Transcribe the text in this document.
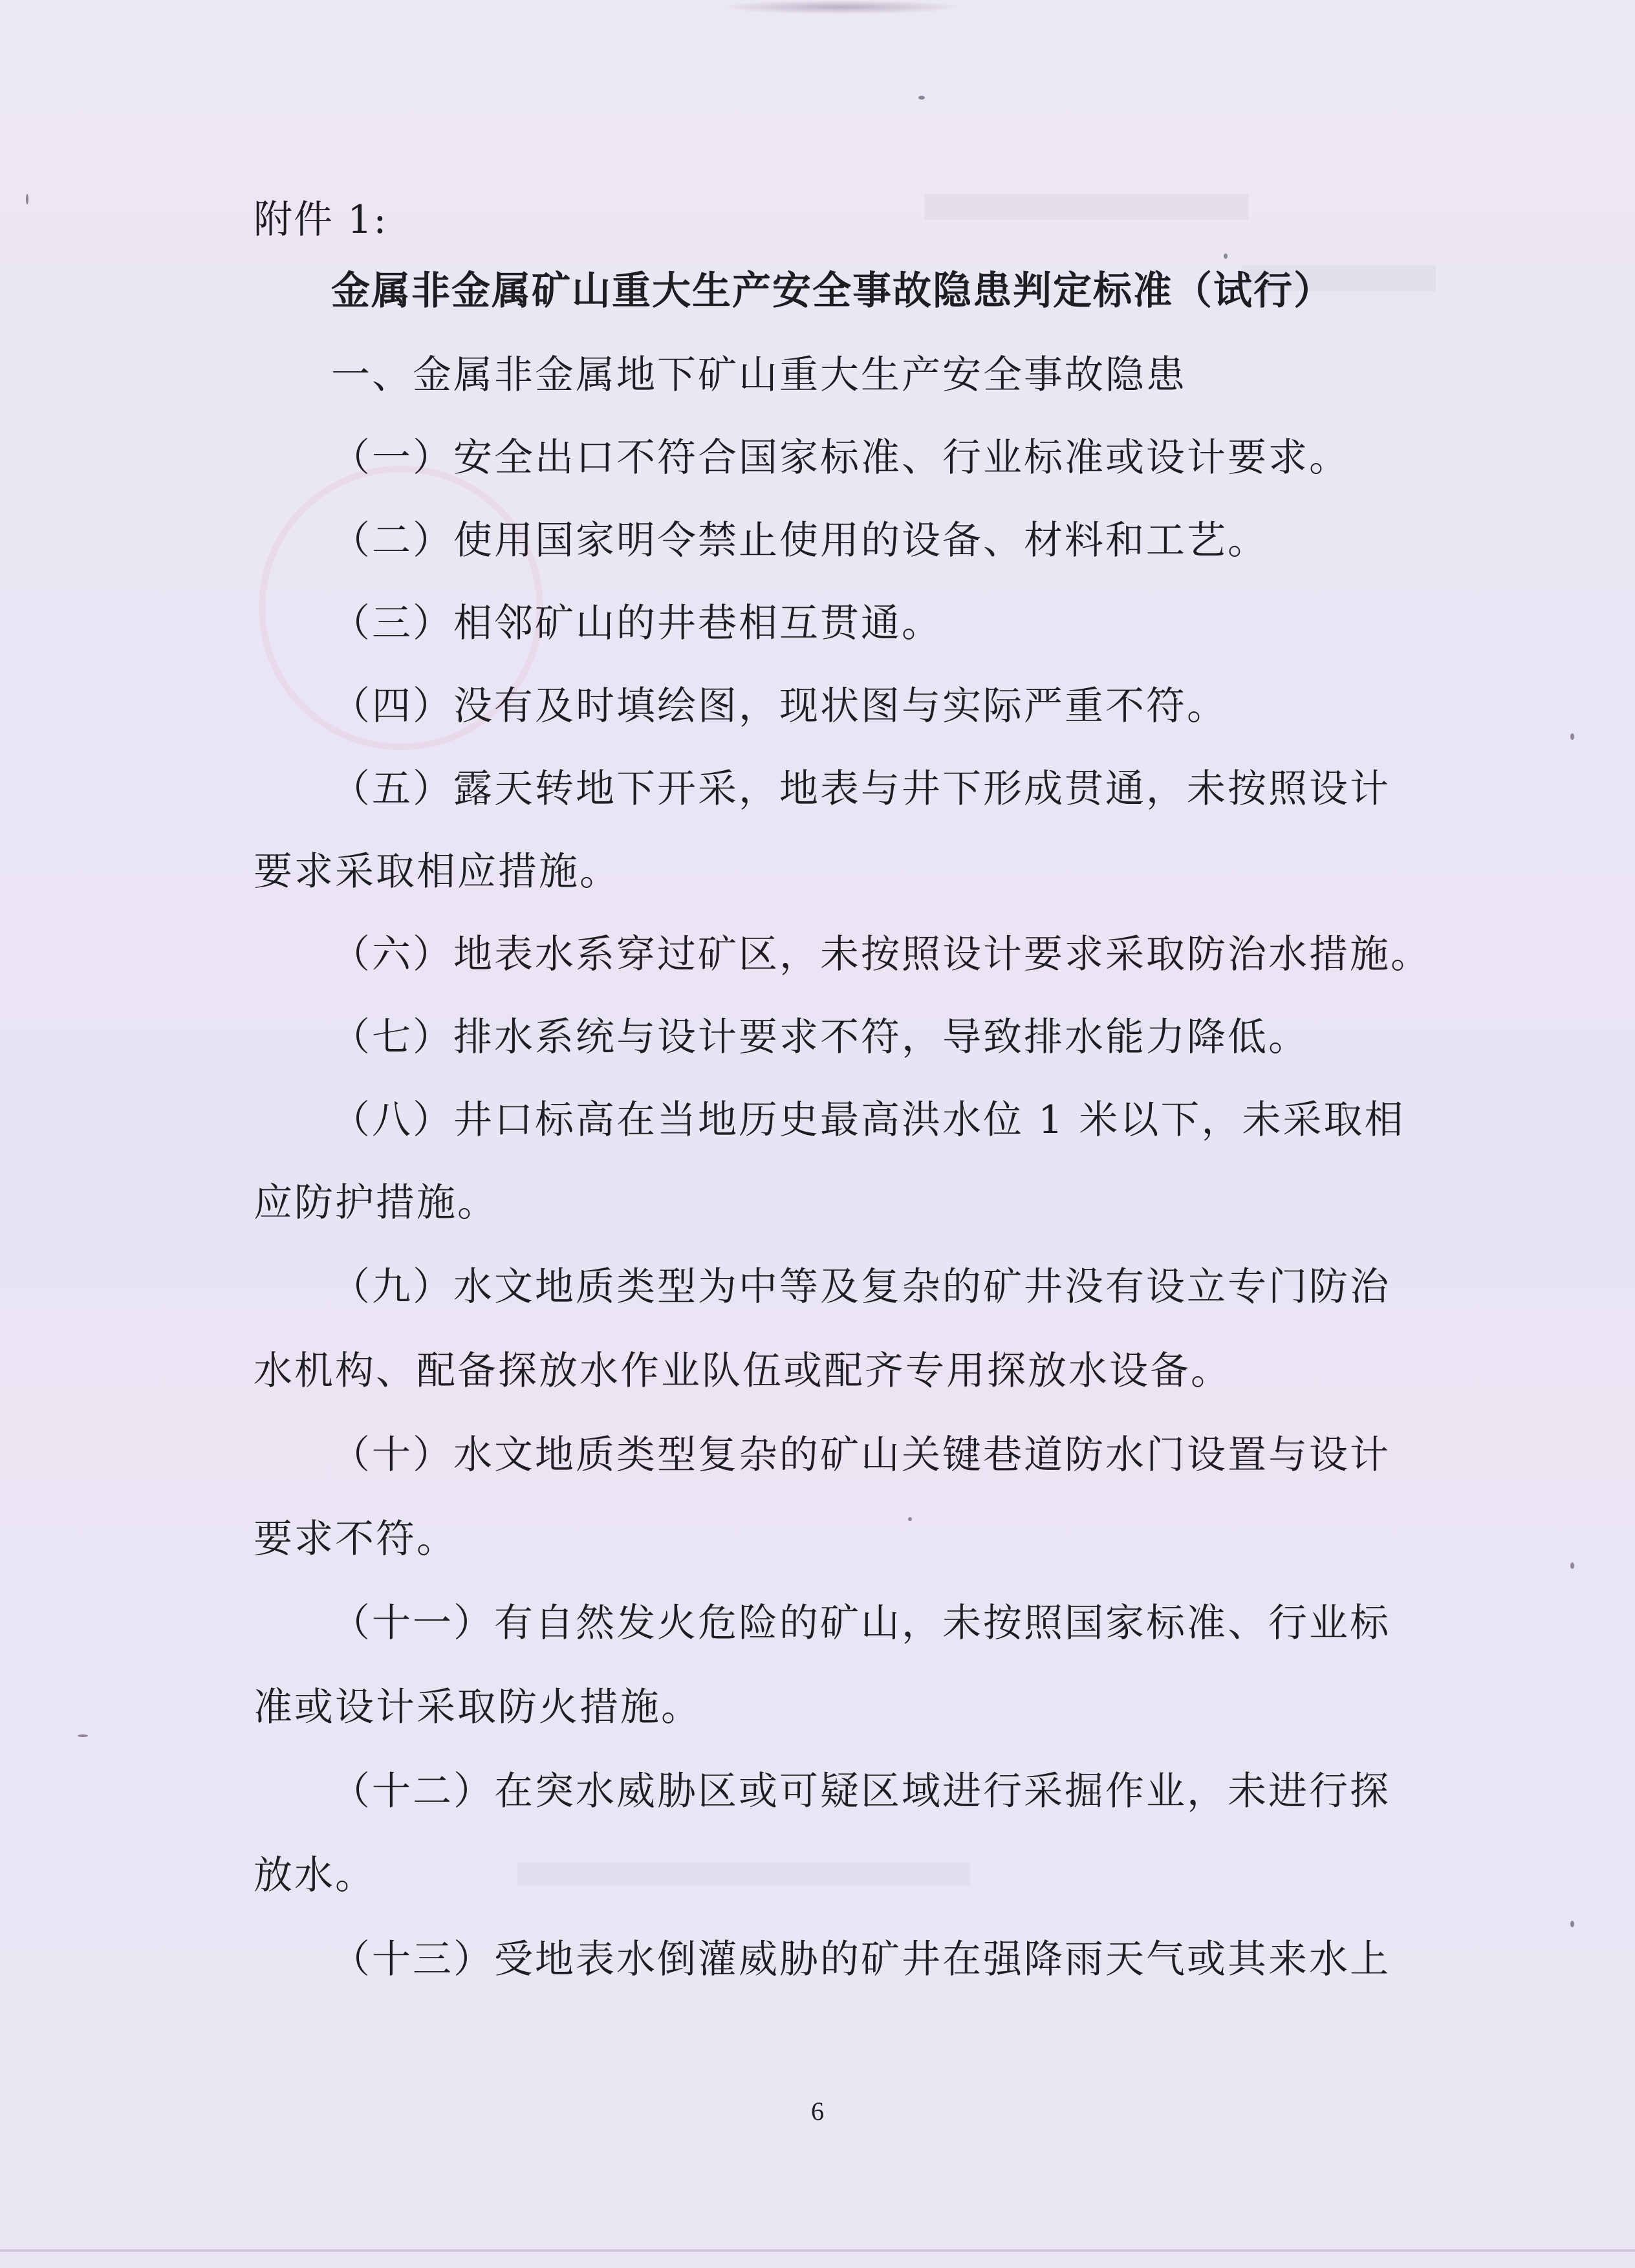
附件 1:
金属非金属矿山重大生产安全事故隐患判定标准（试行）
一、金属非金属地下矿山重大生产安全事故隐患
（一）安全出口不符合国家标准、行业标准或设计要求。
（二）使用国家明令禁止使用的设备、材料和工艺。
（三）相邻矿山的井巷相互贯通。
（四）没有及时填绘图，现状图与实际严重不符。
（五）露天转地下开采，地表与井下形成贯通，未按照设计
要求采取相应措施。
（六）地表水系穿过矿区，未按照设计要求采取防治水措施。
（七）排水系统与设计要求不符，导致排水能力降低。
（八）井口标高在当地历史最高洪水位 1 米以下，未采取相
应防护措施。
（九）水文地质类型为中等及复杂的矿井没有设立专门防治
水机构、配备探放水作业队伍或配齐专用探放水设备。
（十）水文地质类型复杂的矿山关键巷道防水门设置与设计
要求不符。
（十一）有自然发火危险的矿山，未按照国家标准、行业标
准或设计采取防火措施。
（十二）在突水威胁区或可疑区域进行采掘作业，未进行探
放水。
（十三）受地表水倒灌威胁的矿井在强降雨天气或其来水上
6
